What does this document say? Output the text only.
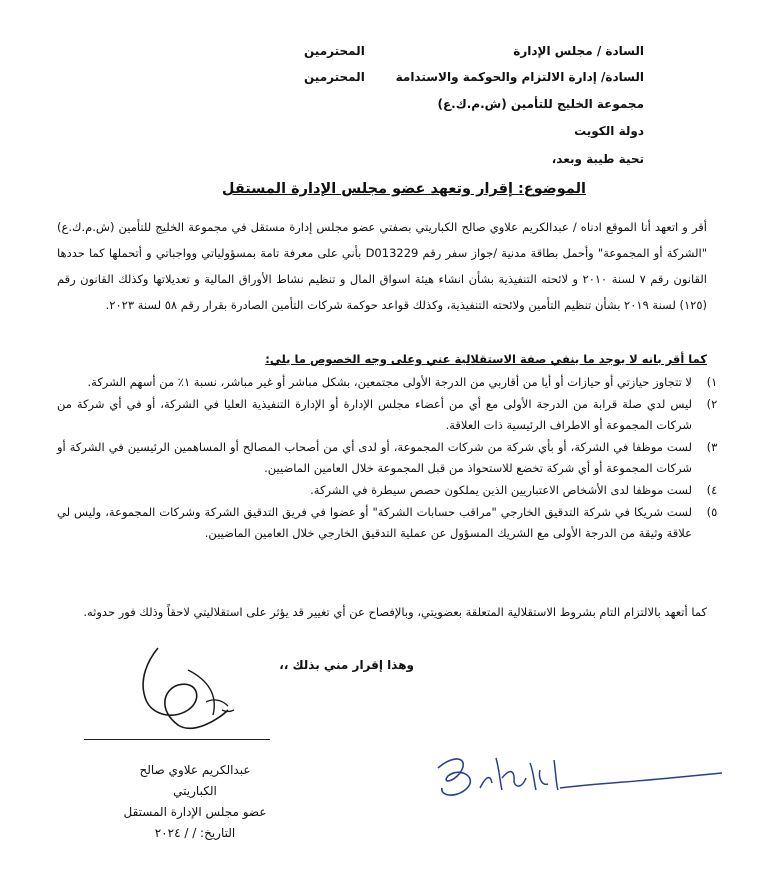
السادة / مجلس الإدارة
المحترمين
السادة/ إدارة الالتزام والحوكمة والاستدامة
المحترمين
مجموعة الخليج للتأمين (ش.م.ك.ع)
دولة الكويت
تحية طيبة وبعد،
الموضوع: إقرار وتعهد عضو مجلس الإدارة المستقل

أقر و اتعهد أنا الموقع ادناه / عبدالكريم علاوي صالح الكباريتي بصفتي عضو مجلس إدارة مستقل في مجموعة الخليج للتأمين (ش.م.ك.ع) "الشركة أو المجموعة" وأحمل بطاقة مدنية /جواز سفر رقم D013229 بأني على معرفة تامة بمسؤولياتي وواجباتي و أتحملها كما حددها القانون رقم ٧ لسنة ٢٠١٠ و لائحته التنفيذية بشأن انشاء هيئة اسواق المال و تنظيم نشاط الأوراق المالية و تعديلاتها وكذلك القانون رقم (١٢٥) لسنة ٢٠١٩ بشأن تنظيم التأمين ولائحته التنفيذية، وكذلك قواعد حوكمة شركات التأمين الصادرة بقرار رقم ٥٨ لسنة ٢٠٢٣.

كما أقر بانه لا يوجد ما ينفي صفة الاستقلالية عني وعلى وجه الخصوص ما يلي:
١)
لا تتجاوز حيازتي أو حيازات أو أيا من أقاربي من الدرجة الأولى مجتمعين، بشكل مباشر أو غير مباشر، نسبة ١٪ من أسهم الشركة.
٢)
ليس لدي صلة قرابة من الدرجة الأولى مع أي من أعضاء مجلس الإدارة أو الإدارة التنفيذية العليا في الشركة، أو في أي شركة من شركات المجموعة أو الاطراف الرئيسية ذات العلاقة.
٣)
لست موظفا في الشركة، أو بأي شركة من شركات المجموعة، أو لدى أي من أصحاب المصالح أو المساهمين الرئيسين في الشركة أو شركات المجموعة أو أي شركة تخضع للاستحواذ من قبل المجموعة خلال العامين الماضيين.
٤)
لست موظفا لدى الأشخاص الاعتباريين الذين يملكون حصص سيطرة في الشركة.
٥)
لست شريكا في شركة التدقيق الخارجي "مراقب حسابات الشركة" أو عضوا في فريق التدقيق الشركة وشركات المجموعة، وليس لي علاقة وثيقة من الدرجة الأولى مع الشريك المسؤول عن عملية التدقيق الخارجي خلال العامين الماضيين.

كما أتعهد بالالتزام التام بشروط الاستقلالية المتعلقة بعضويتي، وبالإفصاح عن أي تغيير قد يؤثر على استقلاليتي لاحقاً وذلك فور حدوثه.

وهذا إقرار مني بذلك ،،
عبدالكريم علاوي صالح
الكباريتي
عضو مجلس الإدارة المستقل
التاريخ: / / ٢٠٢٤
